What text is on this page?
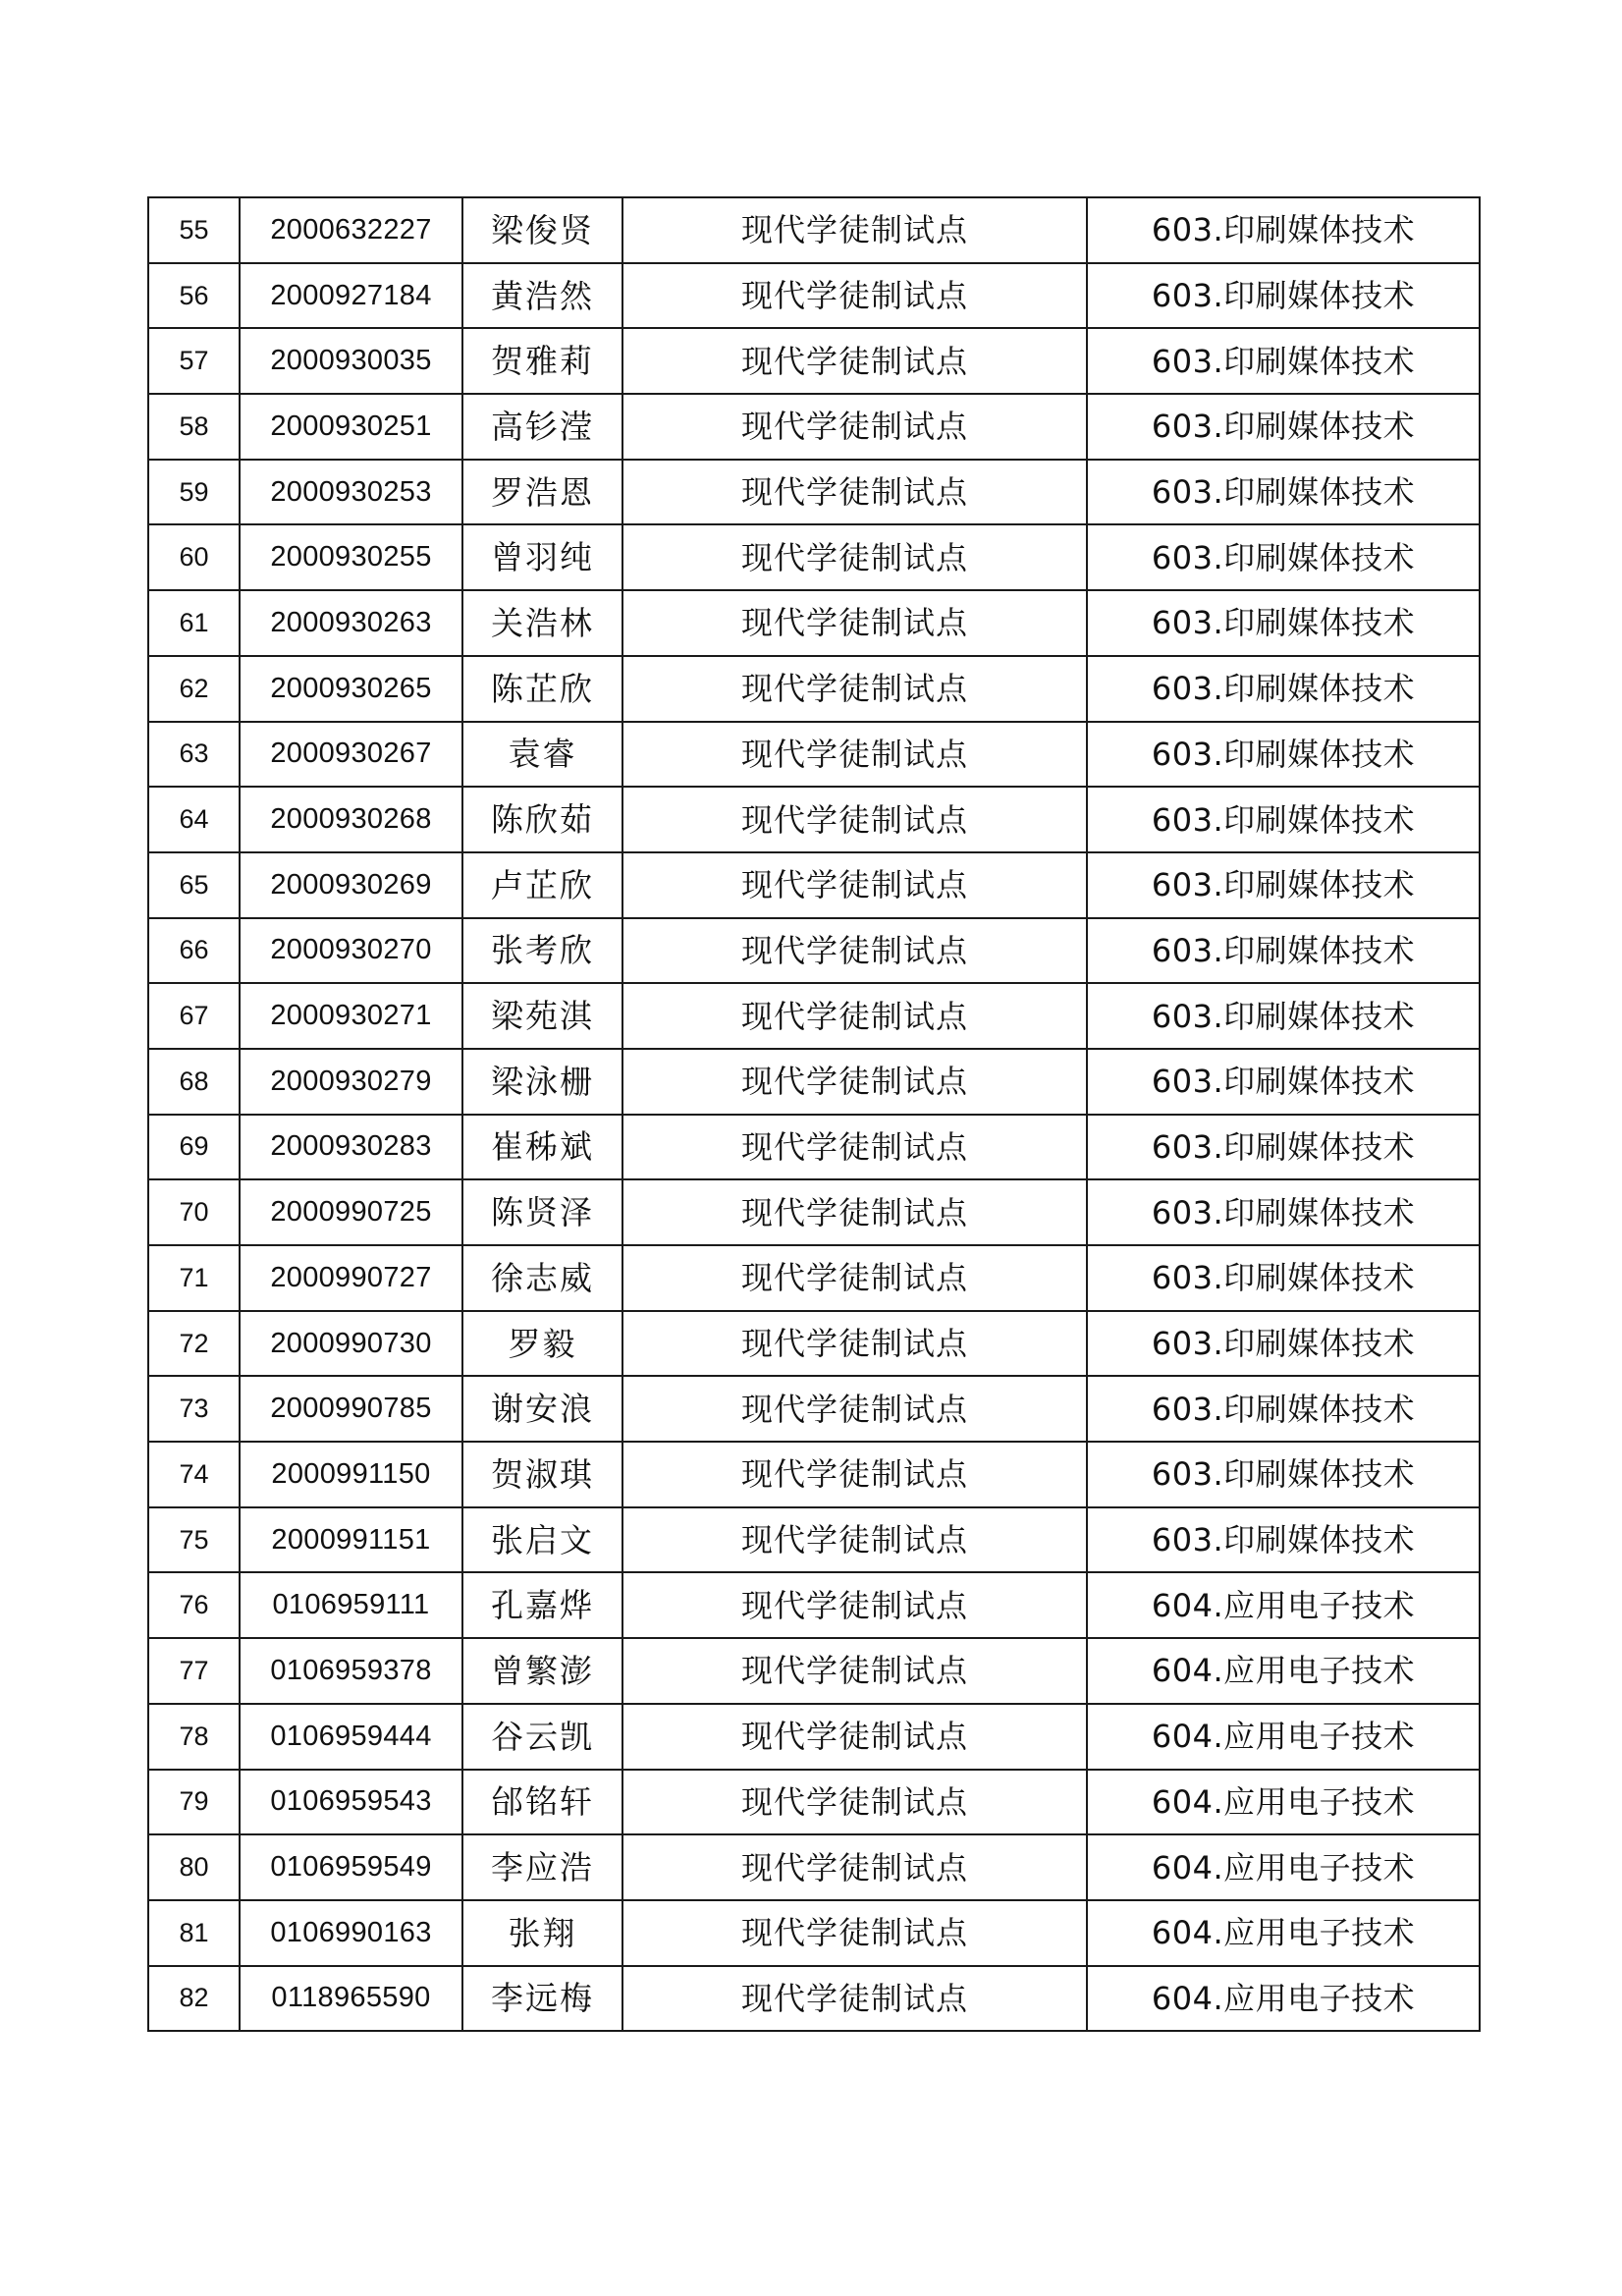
55	2000632227	梁俊贤	现代学徒制试点	603.印刷媒体技术
56	2000927184	黄浩然	现代学徒制试点	603.印刷媒体技术
57	2000930035	贺雅莉	现代学徒制试点	603.印刷媒体技术
58	2000930251	高钐滢	现代学徒制试点	603.印刷媒体技术
59	2000930253	罗浩恩	现代学徒制试点	603.印刷媒体技术
60	2000930255	曾羽纯	现代学徒制试点	603.印刷媒体技术
61	2000930263	关浩林	现代学徒制试点	603.印刷媒体技术
62	2000930265	陈芷欣	现代学徒制试点	603.印刷媒体技术
63	2000930267	袁睿	现代学徒制试点	603.印刷媒体技术
64	2000930268	陈欣茹	现代学徒制试点	603.印刷媒体技术
65	2000930269	卢芷欣	现代学徒制试点	603.印刷媒体技术
66	2000930270	张考欣	现代学徒制试点	603.印刷媒体技术
67	2000930271	梁苑淇	现代学徒制试点	603.印刷媒体技术
68	2000930279	梁泳栅	现代学徒制试点	603.印刷媒体技术
69	2000930283	崔秭斌	现代学徒制试点	603.印刷媒体技术
70	2000990725	陈贤泽	现代学徒制试点	603.印刷媒体技术
71	2000990727	徐志威	现代学徒制试点	603.印刷媒体技术
72	2000990730	罗毅	现代学徒制试点	603.印刷媒体技术
73	2000990785	谢安浪	现代学徒制试点	603.印刷媒体技术
74	2000991150	贺淑琪	现代学徒制试点	603.印刷媒体技术
75	2000991151	张启文	现代学徒制试点	603.印刷媒体技术
76	0106959111	孔嘉烨	现代学徒制试点	604.应用电子技术
77	0106959378	曾繁澎	现代学徒制试点	604.应用电子技术
78	0106959444	谷云凯	现代学徒制试点	604.应用电子技术
79	0106959543	邰铭轩	现代学徒制试点	604.应用电子技术
80	0106959549	李应浩	现代学徒制试点	604.应用电子技术
81	0106990163	张翔	现代学徒制试点	604.应用电子技术
82	0118965590	李远梅	现代学徒制试点	604.应用电子技术
